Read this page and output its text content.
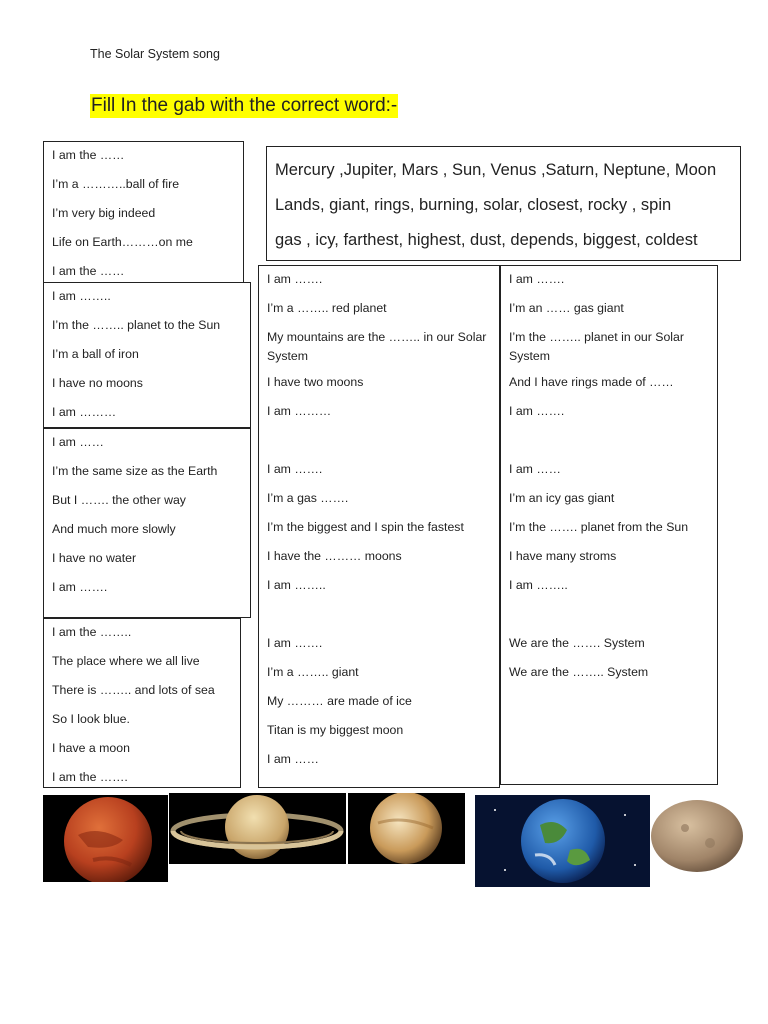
The Solar System song
Fill In the gab with the correct word:-

Mercury ,Jupiter, Mars , Sun, Venus ,Saturn, Neptune, Moon

Lands, giant, rings, burning, solar, closest, rocky , spin

gas , icy, farthest, highest, dust, depends, biggest, coldest

I am the ……

I’m a ………..ball of fire

I’m very big indeed

Life on Earth………on me

I am the ……

I am ……..

I’m the …….. planet to the Sun

I’m a ball of iron

I have no moons

I am ………

I am ……

I’m the same size as the Earth

But I ……. the other way

And much more slowly

I have no water

I am …….

I am the ……..

The place where we all live

There is …….. and lots of sea

So I look blue.

I have a moon

I am the …….

I am …….

I’m a …….. red planet

My mountains are the …….. in our Solar System

I have two moons

I am ………

I am …….

I’m a gas …….

I’m the biggest and I spin the fastest

I have the ……… moons

I am ……..

I am …….

I’m a …….. giant

My ……… are made of ice

Titan is my biggest moon

I am ……

I am …….

I’m an …… gas giant

I’m the …….. planet in our Solar System

And I have rings made of ……

I am …….

I am ……

I’m an icy gas giant

I’m the ……. planet from the Sun

I have many stroms

I am ……..

We are the ……. System

We are the …….. System
